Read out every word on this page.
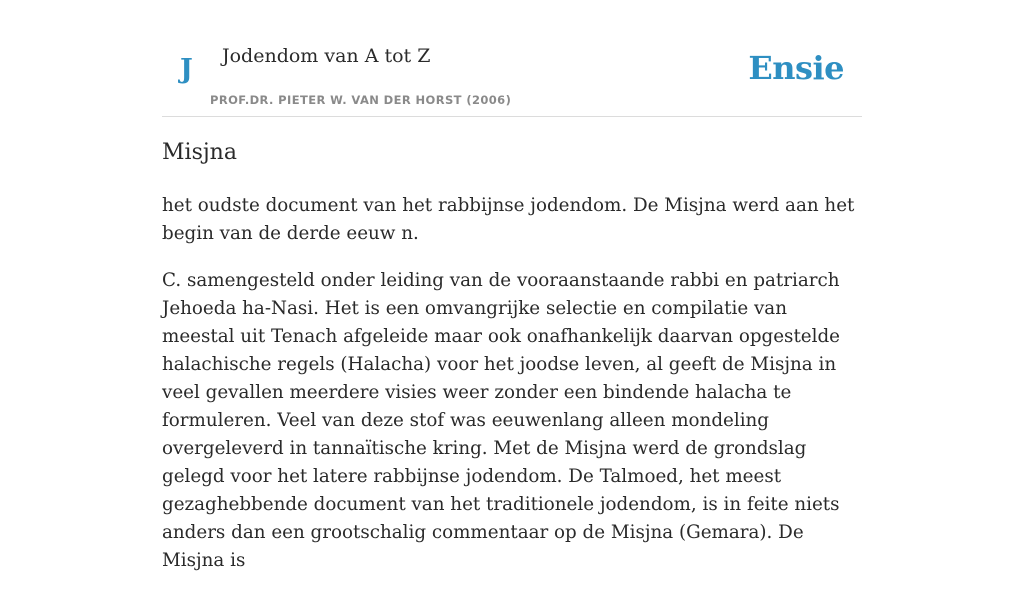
J Jodendom van A tot Z
PROF.DR. PIETER W. VAN DER HORST (2006)
Ensie
Misjna

het oudste document van het rabbijnse jodendom. De Misjna werd aan het begin van de derde eeuw n.

C. samengesteld onder leiding van de vooraanstaande rabbi en patriarch Jehoeda ha-Nasi. Het is een omvangrijke selectie en compilatie van meestal uit Tenach afgeleide maar ook onafhankelijk daarvan opgestelde halachische regels (Halacha) voor het joodse leven, al geeft de Misjna in veel gevallen meerdere visies weer zonder een bindende halacha te formuleren. Veel van deze stof was eeuwenlang alleen mondeling overgeleverd in tannaïtische kring. Met de Misjna werd de grondslag gelegd voor het latere rabbijnse jodendom. De Talmoed, het meest gezaghebbende document van het traditionele jodendom, is in feite niets anders dan een grootschalig commentaar op de Misjna (Gemara). De Misjna is
